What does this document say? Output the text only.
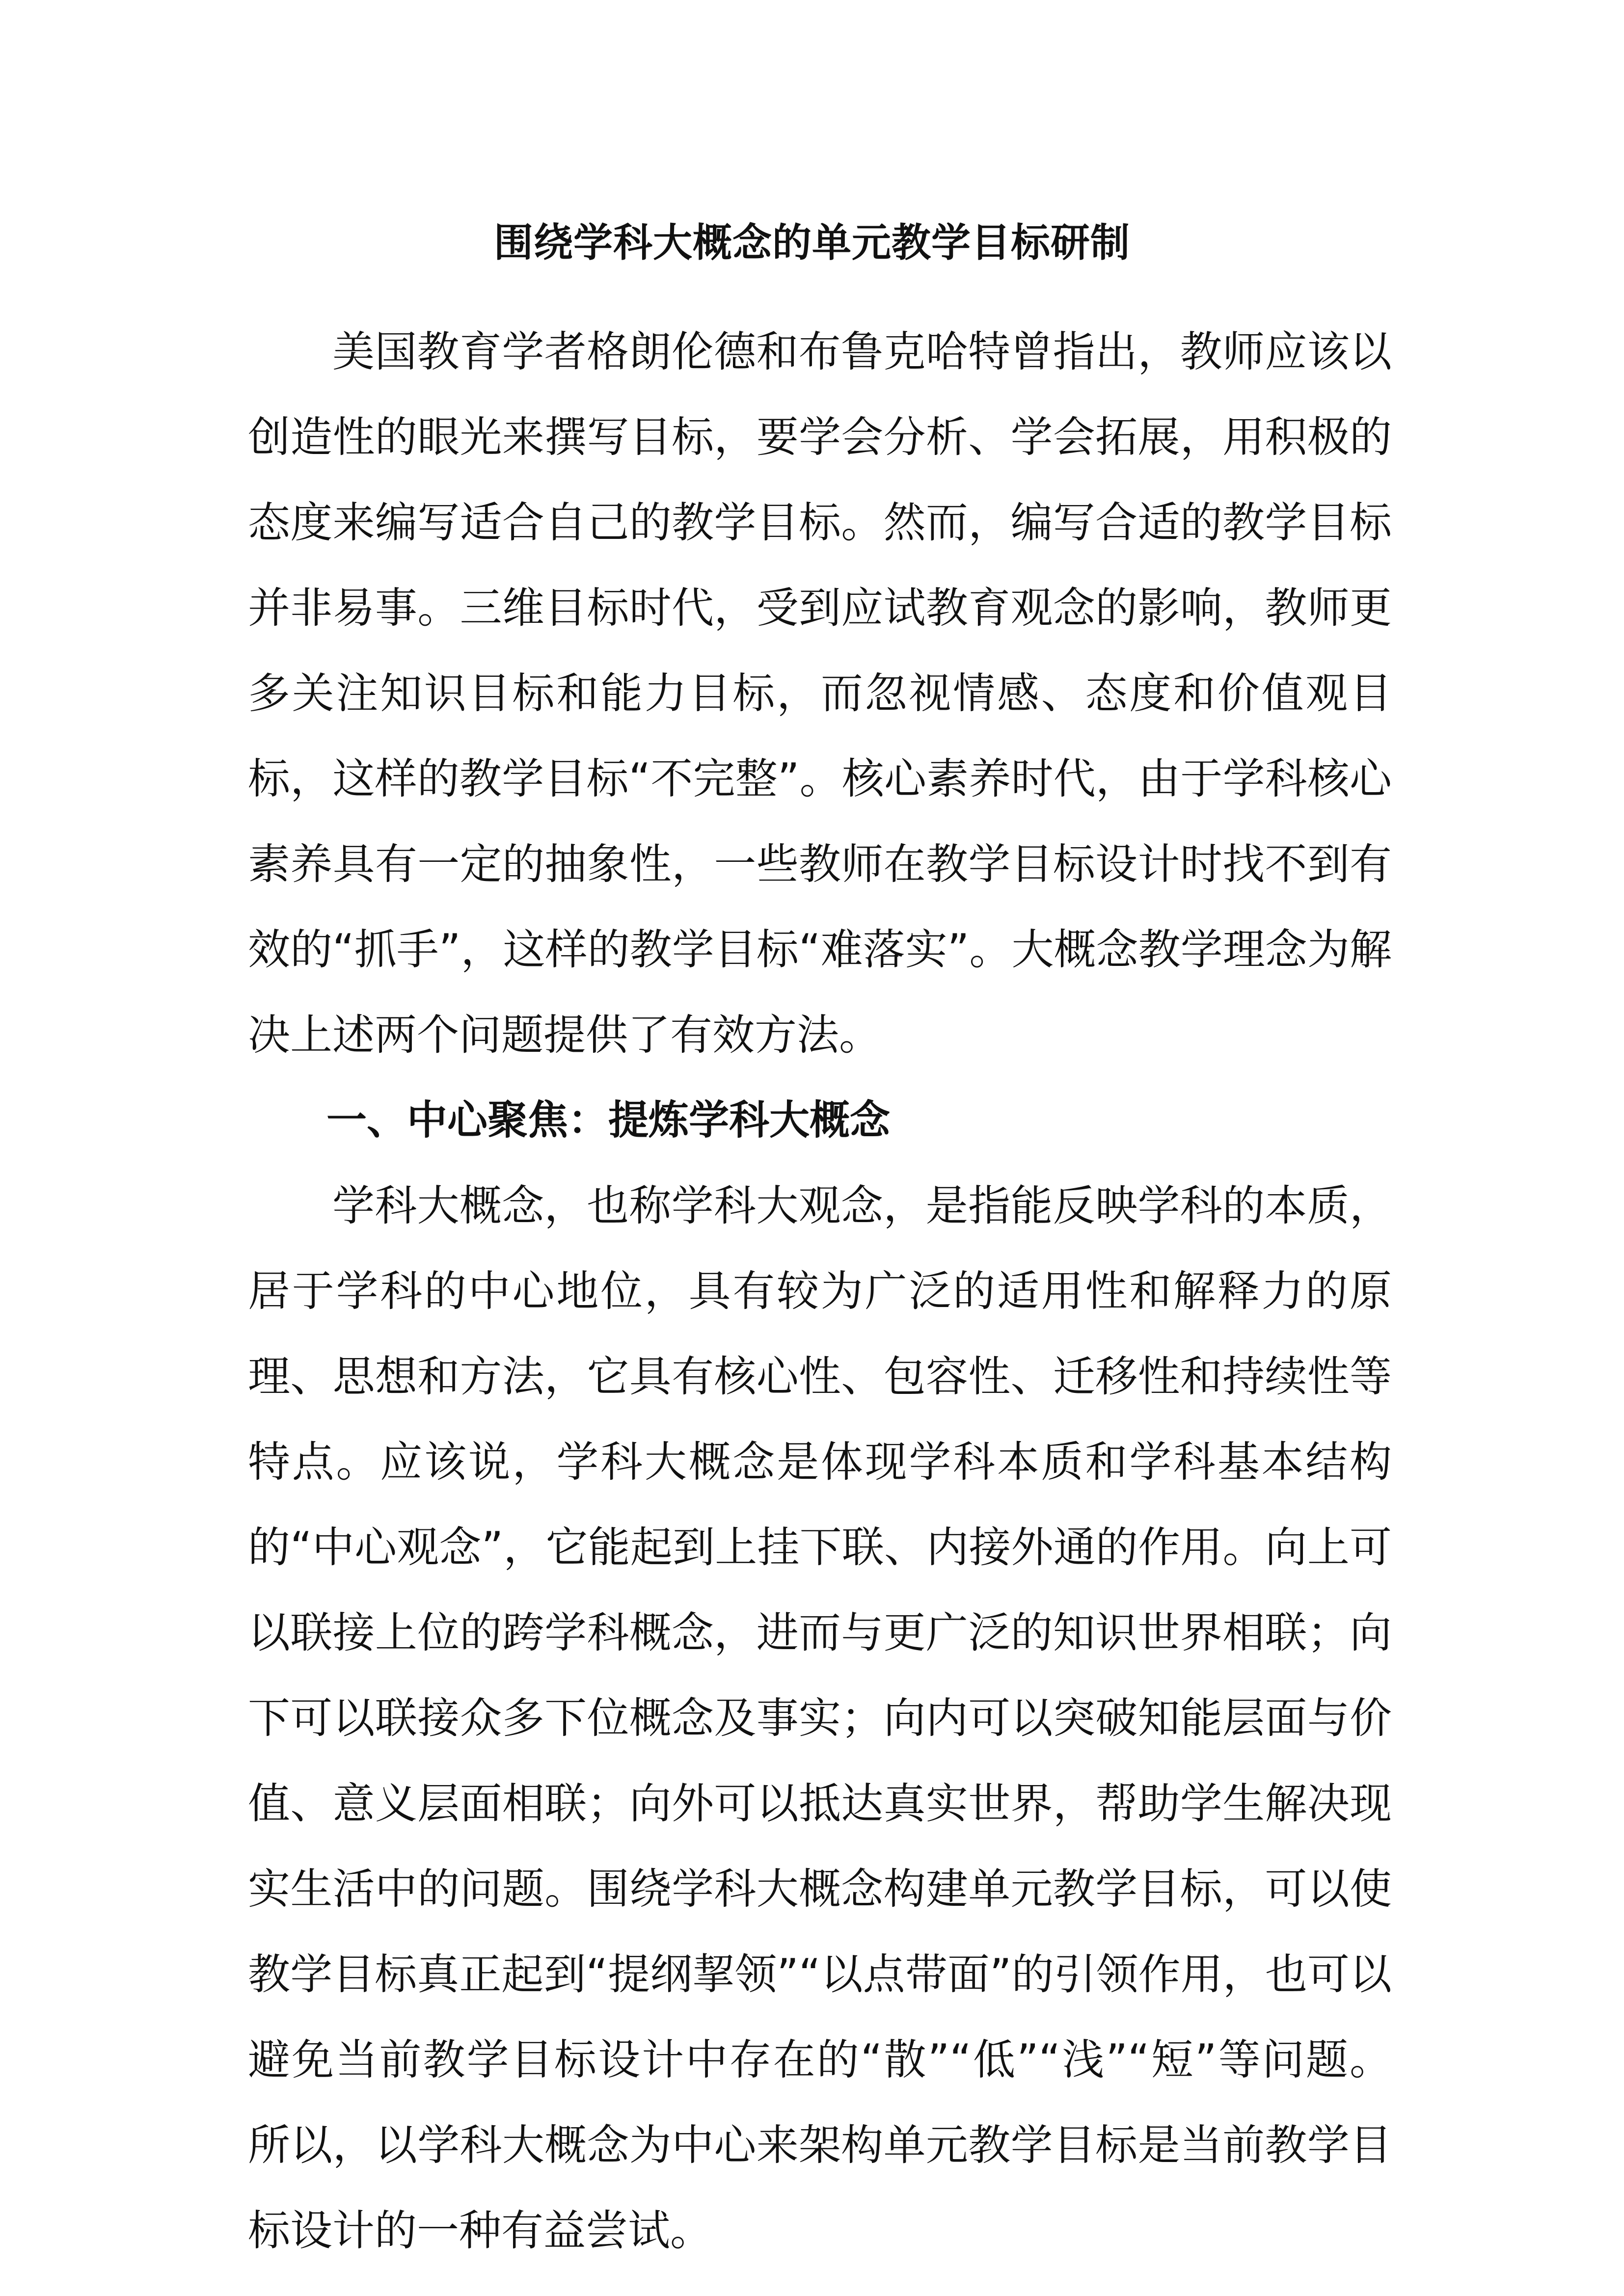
围绕学科大概念的单元教学目标研制

美国教育学者格朗伦德和布鲁克哈特曾指出，教师应该以创造性的眼光来撰写目标，要学会分析、学会拓展，用积极的态度来编写适合自己的教学目标。然而，编写合适的教学目标并非易事。三维目标时代，受到应试教育观念的影响，教师更多关注知识目标和能力目标，而忽视情感、态度和价值观目标，这样的教学目标“不完整”。核心素养时代，由于学科核心素养具有一定的抽象性，一些教师在教学目标设计时找不到有效的“抓手”，这样的教学目标“难落实”。大概念教学理念为解决上述两个问题提供了有效方法。

一、中心聚焦：提炼学科大概念

学科大概念，也称学科大观念，是指能反映学科的本质，居于学科的中心地位，具有较为广泛的适用性和解释力的原理、思想和方法，它具有核心性、包容性、迁移性和持续性等特点。应该说，学科大概念是体现学科本质和学科基本结构的“中心观念”，它能起到上挂下联、内接外通的作用。向上可以联接上位的跨学科概念，进而与更广泛的知识世界相联；向下可以联接众多下位概念及事实；向内可以突破知能层面与价值、意义层面相联；向外可以抵达真实世界，帮助学生解决现实生活中的问题。围绕学科大概念构建单元教学目标，可以使教学目标真正起到“提纲挈领”“以点带面”的引领作用，也可以避免当前教学目标设计中存在的“散”“低”“浅”“短”等问题。所以，以学科大概念为中心来架构单元教学目标是当前教学目标设计的一种有益尝试。
